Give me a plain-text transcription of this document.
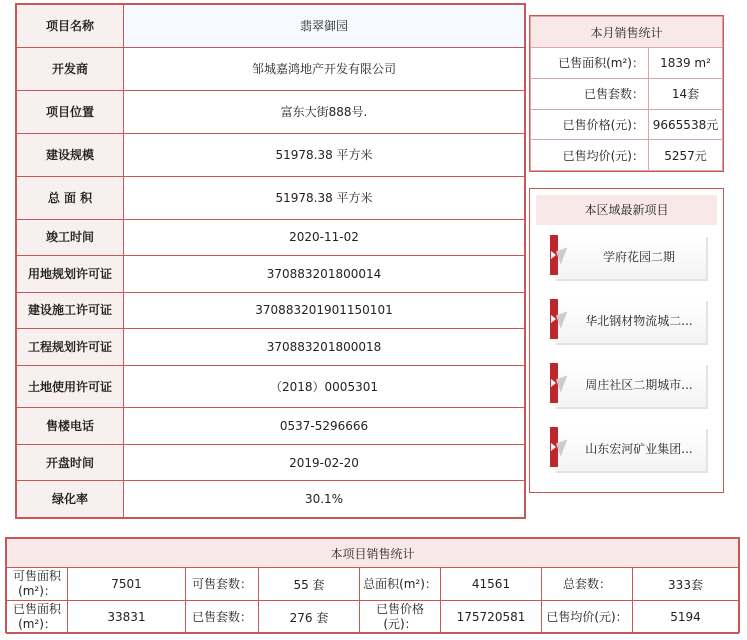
项目名称	翡翠御园
开发商	邹城嘉鸿地产开发有限公司
项目位置	富东大街888号.
建设规模	51978.38 平方米
总 面 积	51978.38 平方米
竣工时间	2020-11-02
用地规划许可证	370883201800014
建设施工许可证	370883201901150101
工程规划许可证	370883201800018
土地使用许可证	（2018）0005301
售楼电话	0537-5296666
开盘时间	2019-02-20
绿化率	30.1%
本月销售统计	
已售面积(m²)：	1839 m²
已售套数：	14套
已售价格(元)：	9665538元
已售均价(元)：	5257元
本区域最新项目
学府花园二期
华北钢材物流城二...
周庄社区二期城市...
山东宏河矿业集团...
本项目销售统计							
可售面积(m²)：	7501	可售套数：	55 套	总面积(m²)：	41561	总套数：	333套
已售面积(m²)：	33831	已售套数：	276 套	已售价格(元)：	175720581	已售均价(元)：	5194
